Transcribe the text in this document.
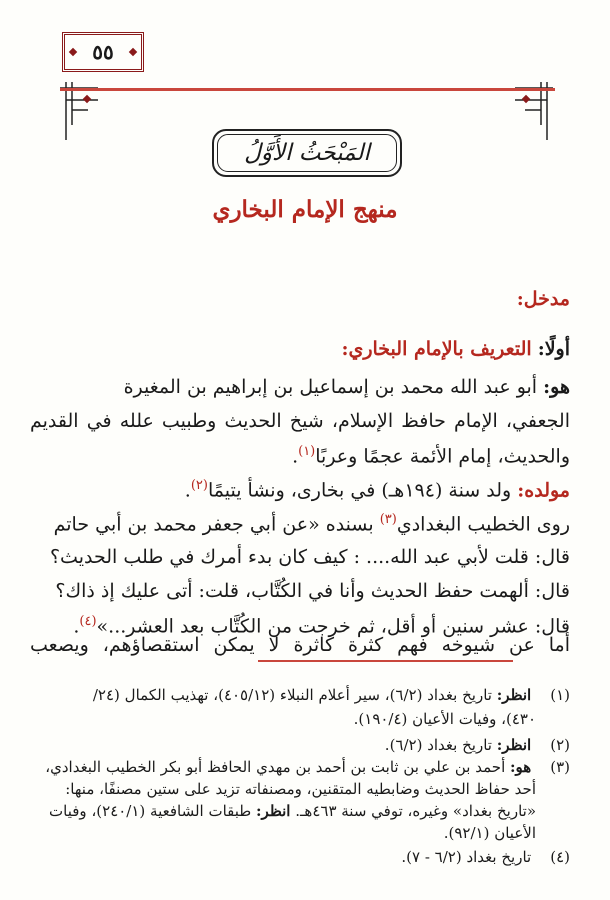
٥٥
المَبْحَثُ الأَوَّلُ
منهج الإمام البخاري
مدخل:
أولًا: التعريف بالإمام البخاري:
هو: أبو عبد الله محمد بن إسماعيل بن إبراهيم بن المغيرة
الجعفي، الإمام حافظ الإسلام، شيخ الحديث وطبيب علله في القديم
والحديث، إمام الأئمة عجمًا وعربًا$^{(١)}$.
مولده: ولد سنة (١٩٤هـ) في بخارى، ونشأ يتيمًا$^{(٢)}$.
روى الخطيب البغدادي$^{(٣)}$ بسنده «عن أبي جعفر محمد بن أبي حاتم
قال: قلت لأبي عبد الله.... : كيف كان بدء أمرك في طلب الحديث؟
قال: ألهمت حفظ الحديث وأنا في الكُتَّاب، قلت: أتى عليك إذ ذاك؟
قال: عشر سنين أو أقل، ثم خرجت من الكُتَّاب بعد العشر...»$^{(٤)}$.
أما عن شيوخه فهم كثرة كاثرة لا يمكن استقصاؤهم، ويصعب
(١) انظر: تاريخ بغداد (٦/٢)، سير أعلام النبلاء (٤٠٥/١٢)، تهذيب الكمال (٢٤/
٤٣٠)، وفيات الأعيان (١٩٠/٤).
(٢) انظر: تاريخ بغداد (٦/٢).
(٣) هو: أحمد بن علي بن ثابت بن أحمد بن مهدي الحافظ أبو بكر الخطيب البغدادي،
أحد حفاظ الحديث وضابطيه المتقنين، ومصنفاته تزيد على ستين مصنفًا، منها:
«تاريخ بغداد» وغيره، توفي سنة ٤٦٣هـ. انظر: طبقات الشافعية (٢٤٠/١)، وفيات
الأعيان (٩٢/١).
(٤) تاريخ بغداد (٦/٢ - ٧).
